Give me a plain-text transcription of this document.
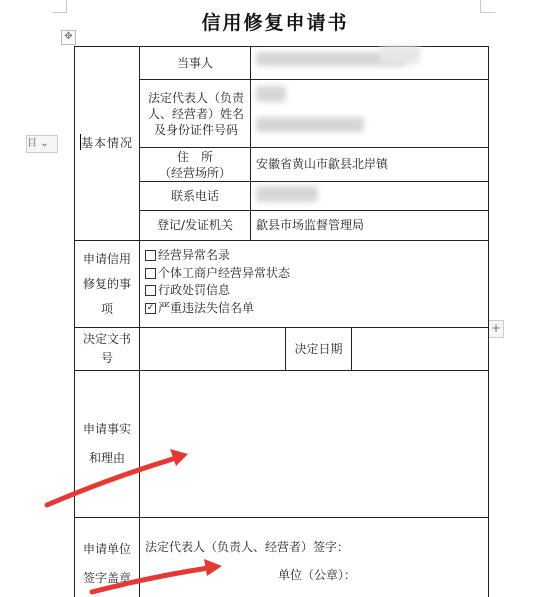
信用修复申请书
✥
目 ⌄
+
基本情况
申请信用修复的事项
决定文书号
申请事实和理由
申请单位签字盖章
当事人
法定代表人（负责人、经营者）姓名及身份证件号码
住　所
（经营场所）
联系电话
登记/发证机关
安徽省黄山市歙县北岸镇
歙县市场监督管理局
经营异常名录
个体工商户经营异常状态
行政处罚信息
✓ 严重违法失信名单
决定日期
法定代表人（负责人、经营者）签字：
单位（公章）：
